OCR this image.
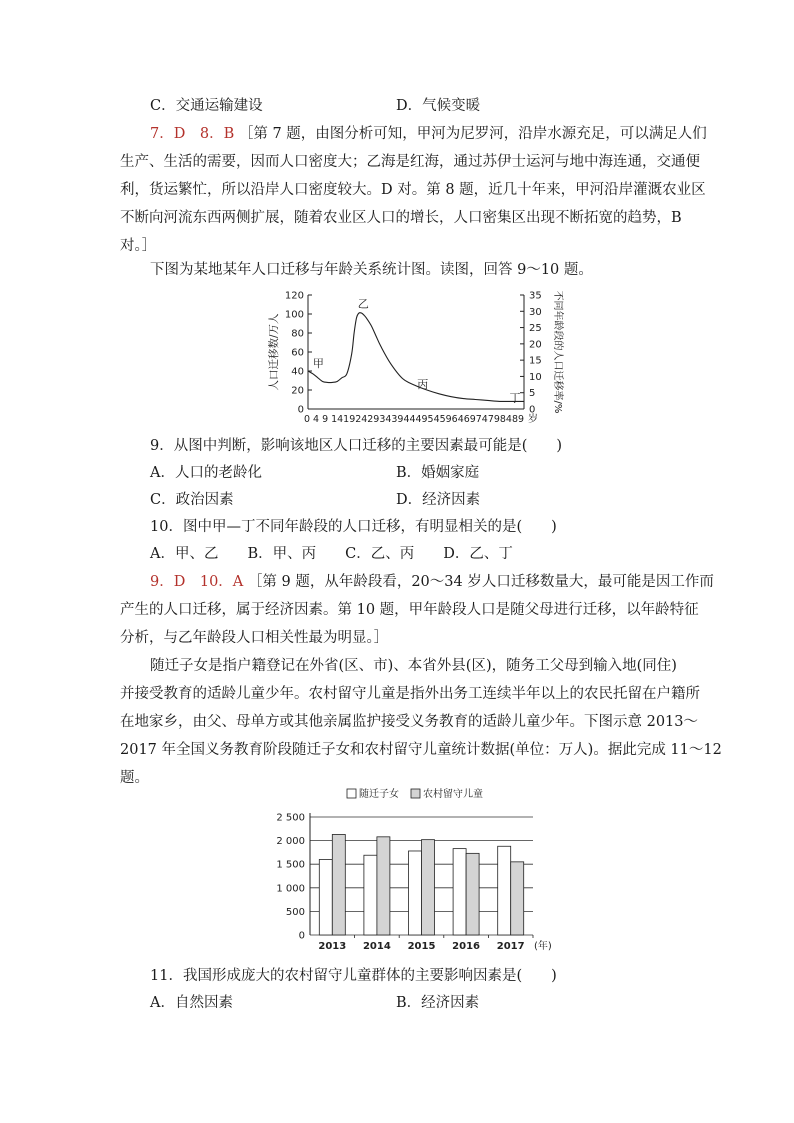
C．交通运输建设	D．气候变暖
7．D　8．B ［第 7 题，由图分析可知，甲河为尼罗河，沿岸水源充足，可以满足人们
生产、生活的需要，因而人口密度大；乙海是红海，通过苏伊士运河与地中海连通，交通便
利，货运繁忙，所以沿岸人口密度较大。D 对。第 8 题，近几十年来，甲河沿岸灌溉农业区
不断向河流东西两侧扩展，随着农业区人口的增长，人口密集区出现不断拓宽的趋势，B
对。］
下图为某地某年人口迁移与年龄关系统计图。读图，回答 9～10 题。
0
20
40
60
80
100
120
0
5
10
15
20
25
30
35
人口迁移数/万人	不同年龄段的人口迁移率/%
0 4 9 14192429343944495459646974798489 岁
甲
乙
丙
丁
9．从图中判断，影响该地区人口迁移的主要因素最可能是(　　)
A．人口的老龄化	B．婚姻家庭
C．政治因素	D．经济因素
10．图中甲—丁不同年龄段的人口迁移，有明显相关的是(　　)
A．甲、乙　　B．甲、丙　　C．乙、丙　　D．乙、丁
9．D　10．A ［第 9 题，从年龄段看，20～34 岁人口迁移数量大，最可能是因工作而
产生的人口迁移，属于经济因素。第 10 题，甲年龄段人口是随父母进行迁移，以年龄特征
分析，与乙年龄段人口相关性最为明显。］
随迁子女是指户籍登记在外省(区、市)、本省外县(区)，随务工父母到输入地(同住)
并接受教育的适龄儿童少年。农村留守儿童是指外出务工连续半年以上的农民托留在户籍所
在地家乡，由父、母单方或其他亲属监护接受义务教育的适龄儿童少年。下图示意 2013～
2017 年全国义务教育阶段随迁子女和农村留守儿童统计数据(单位：万人)。据此完成 11～12
题。
随迁子女 农村留守儿童
0
500
1 000
1 500
2 000
2 500
2013 2014 2015 2016 2017 (年)
11．我国形成庞大的农村留守儿童群体的主要影响因素是(　　)
A．自然因素	B．经济因素
